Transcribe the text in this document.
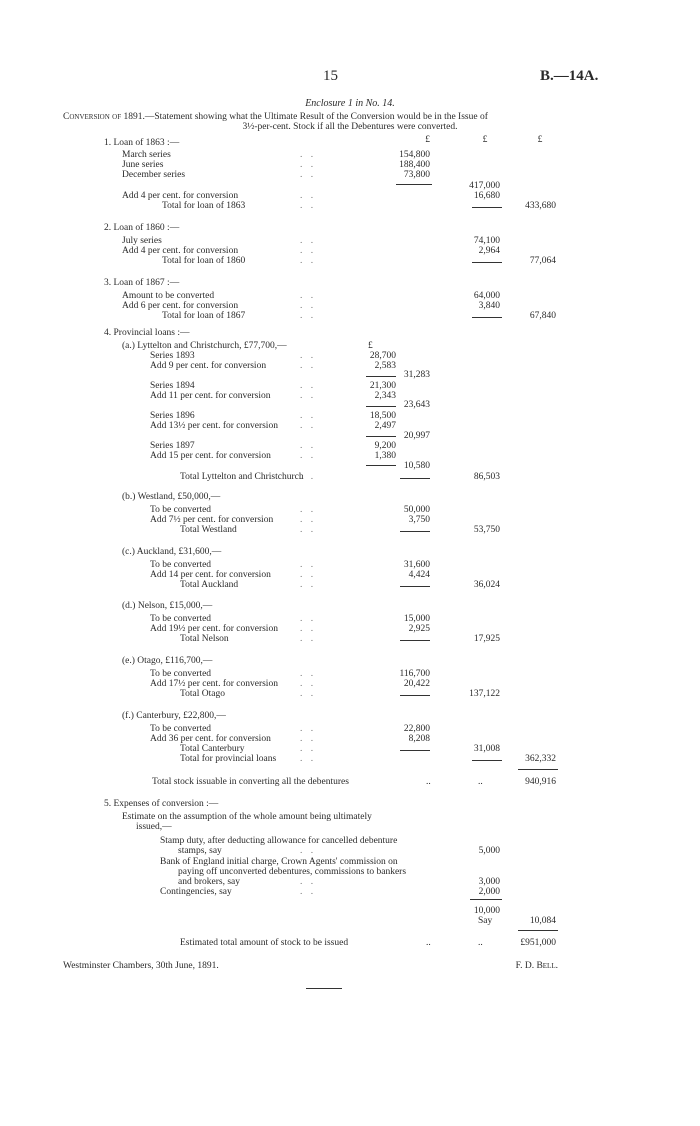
15	B.—14A.
Enclosure 1 in No. 14.
Conversion of 1891.—Statement showing what the Ultimate Result of the Conversion would be in the Issue of
3½-per-cent. Stock if all the Debentures were converted.
£	£	£
1. Loan of 1863 :—
March series	154,800
June series	188,400
December series	73,800
417,000
Add 4 per cent. for conversion	16,680
Total for loan of 1863	433,680
2. Loan of 1860 :—
July series	74,100
Add 4 per cent. for conversion	2,964
Total for loan of 1860	77,064
3. Loan of 1867 :—
Amount to be converted	64,000
Add 6 per cent. for conversion	3,840
Total for loan of 1867	67,840
4. Provincial loans :—
(a.) Lyttelton and Christchurch, £77,700,—	£
Series 1893	28,700
Add 9 per cent. for conversion	2,583
31,283
Series 1894	21,300
Add 11 per cent. for conversion	2,343
23,643
Series 1896	18,500
Add 13½ per cent. for conversion	2,497
20,997
Series 1897	9,200
Add 15 per cent. for conversion	1,380
10,580
Total Lyttelton and Christchurch	86,503
(b.) Westland, £50,000,—
To be converted	50,000
Add 7½ per cent. for conversion	3,750
Total Westland	53,750
(c.) Auckland, £31,600,—
To be converted	31,600
Add 14 per cent. for conversion	4,424
Total Auckland	36,024
(d.) Nelson, £15,000,—
To be converted	15,000
Add 19½ per cent. for conversion	2,925
Total Nelson	17,925
(e.) Otago, £116,700,—
To be converted	116,700
Add 17½ per cent. for conversion	20,422
Total Otago	137,122
(f.) Canterbury, £22,800,—
To be converted	22,800
Add 36 per cent. for conversion	8,208
Total Canterbury	31,008
Total for provincial loans	362,332
Total stock issuable in converting all the debentures	..	..	940,916
5. Expenses of conversion :—
Estimate on the assumption of the whole amount being ultimately
issued,—
Stamp duty, after deducting allowance for cancelled debenture
stamps, say	5,000
Bank of England initial charge, Crown Agents' commission on
paying off unconverted debentures, commissions to bankers
and brokers, say	3,000
Contingencies, say	2,000
10,000
Say	10,084
Estimated total amount of stock to be issued	..	..	£951,000
Westminster Chambers, 30th June, 1891.	F. D. Bell.
. .
. .
. .
. .
. .
. .
. .
. .
. .
. .
. .
. .
. .
. .
. .
. .
. .
. .
. .
. .
. .
. .
. .
. .
. .
. .
. .
. .
. .
. .
. .
. .
. .
. .
. .
. .
. .
. .
. .
